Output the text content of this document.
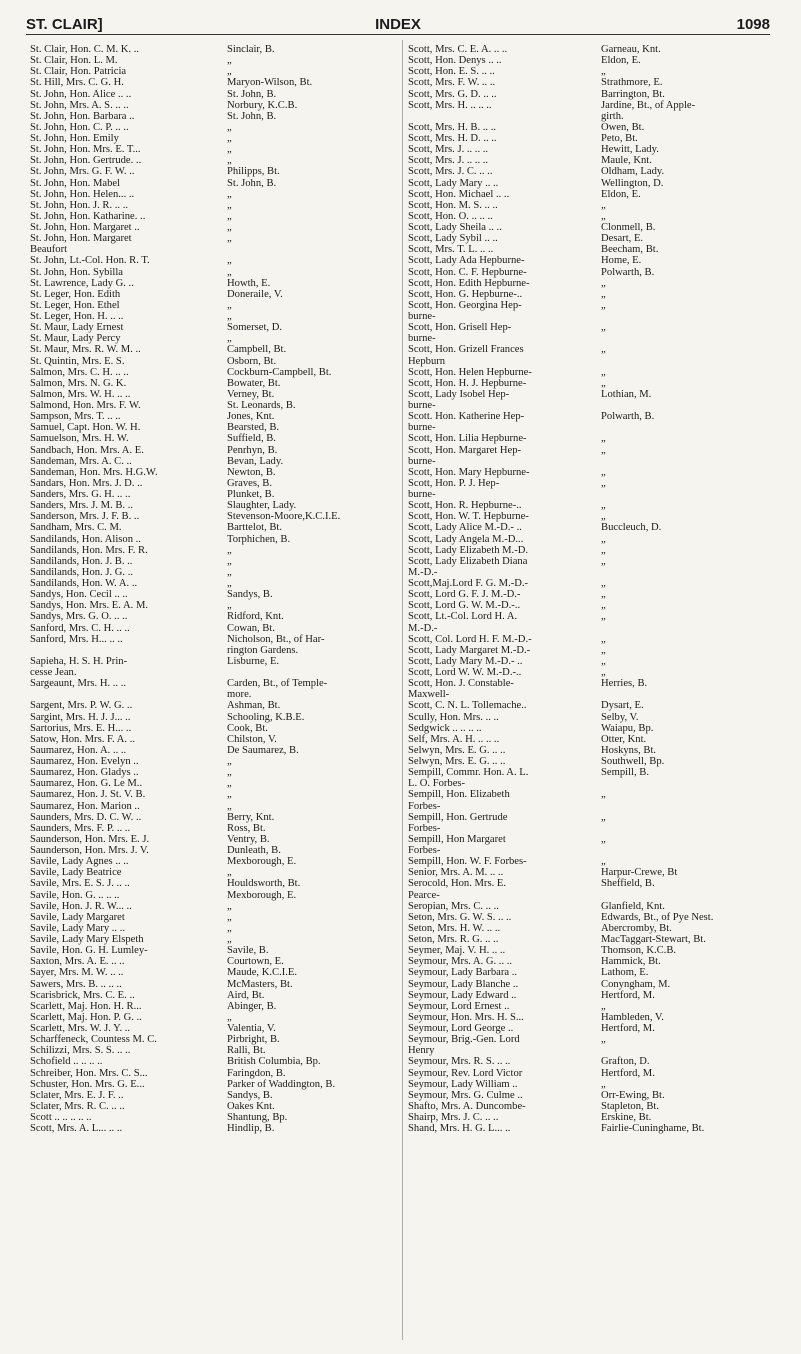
ST. CLAIR]	INDEX	1098
St. Clair, Hon. C. M. K. ..	Sinclair, B.
St. Clair, Hon. L. M.	„
St. Clair, Hon. Patricia	„
St. Hill, Mrs. C. G. H.	Maryon-Wilson, Bt.
St. John, Hon. Alice .. ..	St. John, B.
St. John, Mrs. A. S. .. ..	Norbury, K.C.B.
St. John, Hon. Barbara ..	St. John, B.
St. John, Hon. C. P. .. ..	„
St. John, Hon. Emily	„
St. John, Hon. Mrs. E. T...	„
St. John, Hon. Gertrude. ..	„
St. John, Mrs. G. F. W. ..	Philipps, Bt.
St. John, Hon. Mabel	St. John, B.
St. John, Hon. Helen... ..	„
St. John, Hon. J. R. .. ..	„
St. John, Hon. Katharine. ..	„
St. John, Hon. Margaret ..	„
St. John, Hon. Margaret	„
Beaufort
St. John, Lt.-Col. Hon. R. T.	„
St. John, Hon. Sybilla	„
St. Lawrence, Lady G. ..	Howth, E.
St. Leger, Hon. Edith	Doneraile, V.
St. Leger, Hon. Ethel	„
St. Leger, Hon. H. .. ..	„
St. Maur, Lady Ernest	Somerset, D.
St. Maur, Lady Percy	„
St. Maur, Mrs. R. W. M. ..	Campbell, Bt.
St. Quintin, Mrs. E. S.	Osborn, Bt.
Salmon, Mrs. C. H. .. ..	Cockburn-Campbell, Bt.
Salmon, Mrs. N. G. K.	Bowater, Bt.
Salmon, Mrs. W. H. .. ..	Verney, Bt.
Salmond, Hon. Mrs. F. W.	St. Leonards, B.
Sampson, Mrs. T. .. ..	Jones, Knt.
Samuel, Capt. Hon. W. H.	Bearsted, B.
Samuelson, Mrs. H. W.	Suffield, B.
Sandbach, Hon. Mrs. A. E.	Penrhyn, B.
Sandeman, Mrs. A. C. ..	Bevan, Lady.
Sandeman, Hon. Mrs. H.G.W.	Newton, B.
Sandars, Hon. Mrs. J. D. ..	Graves, B.
Sanders, Mrs. G. H. .. ..	Plunket, B.
Sanders, Mrs. J. M. B. ..	Slaughter, Lady.
Sanderson, Mrs. J. F. B. ..	Stevenson-Moore,K.C.I.E.
Sandham, Mrs. C. M.	Barttelot, Bt.
Sandilands, Hon. Alison ..	Torphichen, B.
Sandilands, Hon. Mrs. F. R.	„
Sandilands, Hon. J. B. ..	„
Sandilands, Hon. J. G. ..	„
Sandilands, Hon. W. A. ..	„
Sandys, Hon. Cecil .. ..	Sandys, B.
Sandys, Hon. Mrs. E. A. M.	„
Sandys, Mrs. G. O. .. ..	Ridford, Knt.
Sanford, Mrs. C. H. .. ..	Cowan, Bt.
Sanford, Mrs. H... .. ..	Nicholson, Bt., of Har-
rington Gardens.
Sapieha, H. S. H. Prin-	Lisburne, E.
cesse Jean.
Sargeaunt, Mrs. H. .. ..	Carden, Bt., of Temple-
more.
Sargent, Mrs. P. W. G. ..	Ashman, Bt.
Sargint, Mrs. H. J. J... ..	Schooling, K.B.E.
Sartorius, Mrs. E. H... ..	Cook, Bt.
Satow, Hon. Mrs. F. A. ..	Chilston, V.
Saumarez, Hon. A. .. ..	De Saumarez, B.
Saumarez, Hon. Evelyn ..	„
Saumarez, Hon. Gladys ..	„
Saumarez, Hon. G. Le M..	„
Saumarez, Hon. J. St. V. B.	„
Saumarez, Hon. Marion ..	„
Saunders, Mrs. D. C. W. ..	Berry, Knt.
Saunders, Mrs. F. P. .. ..	Ross, Bt.
Saunderson, Hon. Mrs. E. J.	Ventry, B.
Saunderson, Hon. Mrs. J. V.	Dunleath, B.
Savile, Lady Agnes .. ..	Mexborough, E.
Savile, Lady Beatrice	„
Savile, Mrs. E. S. J. .. ..	Houldsworth, Bt.
Savile, Hon. G. .. .. ..	Mexborough, E.
Savile, Hon. J. R. W... ..	„
Savile, Lady Margaret	„
Savile, Lady Mary .. ..	„
Savile, Lady Mary Elspeth	„
Savile, Hon. G. H. Lumley-	Savile, B.
Saxton, Mrs. A. E. .. ..	Courtown, E.
Sayer, Mrs. M. W. .. ..	Maude, K.C.I.E.
Sawers, Mrs. B. .. .. ..	McMasters, Bt.
Scarisbrick, Mrs. C. E. ..	Aird, Bt.
Scarlett, Maj. Hon. H. R...	Abinger, B.
Scarlett, Maj. Hon. P. G. ..	„
Scarlett, Mrs. W. J. Y. ..	Valentia, V.
Scharffeneck, Countess M. C.	Pirbright, B.
Schilizzi, Mrs. S. S. .. ..	Ralli, Bt.
Schofield .. .. .. ..	British Columbia, Bp.
Schreiber, Hon. Mrs. C. S...	Faringdon, B.
Schuster, Hon. Mrs. G. E...	Parker of Waddington, B.
Sclater, Mrs. E. J. F. ..	Sandys, B.
Sclater, Mrs. R. C. .. ..	Oakes Knt.
Scott .. .. .. .. ..	Shantung, Bp.
Scott, Mrs. A. L... .. ..	Hindlip, B.
Scott, Mrs. C. E. A. .. ..	Garneau, Knt.
Scott, Hon. Denys .. ..	Eldon, E.
Scott, Hon. E. S. .. ..	„
Scott, Mrs. F. W. .. ..	Strathmore, E.
Scott, Mrs. G. D. .. ..	Barrington, Bt.
Scott, Mrs. H. .. .. ..	Jardine, Bt., of Apple-
girth.
Scott, Mrs. H. B. .. ..	Owen, Bt.
Scott, Mrs. H. D. .. ..	Peto, Bt.
Scott, Mrs. J. .. .. ..	Hewitt, Lady.
Scott, Mrs. J. .. .. ..	Maule, Knt.
Scott, Mrs. J. C. .. ..	Oldham, Lady.
Scott, Lady Mary .. ..	Wellington, D.
Scott, Hon. Michael .. ..	Eldon, E.
Scott, Hon. M. S. .. ..	„
Scott, Hon. O. .. .. ..	„
Scott, Lady Sheila .. ..	Clonmell, B.
Scott, Lady Sybil .. ..	Desart, E.
Scott, Mrs. T. L. .. ..	Beecham, Bt.
Scott, Lady Ada Hepburne-	Home, E.
Scott, Hon. C. F. Hepburne-	Polwarth, B.
Scott, Hon. Edith Hepburne-	„
Scott, Hon. G. Hepburne-..	„
Scott, Hon. Georgina Hep-	„
burne-
Scott, Hon. Grisell Hep-	„
burne-
Scott, Hon. Grizell Frances	„
Hepburn
Scott, Hon. Helen Hepburne-	„
Scott, Hon. H. J. Hepburne-	„
Scott, Lady Isobel Hep-	Lothian, M.
burne-
Scott. Hon. Katherine Hep-	Polwarth, B.
burne-
Scott, Hon. Lilia Hepburne-	„
Scott, Hon. Margaret Hep-	„
burne-
Scott, Hon. Mary Hepburne-	„
Scott, Hon. P. J. Hep-	„
burne-
Scott, Hon. R. Hepburne-..	„
Scott, Hon. W. T. Hepburne-	„
Scott, Lady Alice M.-D.- ..	Buccleuch, D.
Scott, Lady Angela M.-D...	„
Scott, Lady Elizabeth M.-D.	„
Scott, Lady Elizabeth Diana	„
M.-D.-
Scott,Maj.Lord F. G. M.-D.-	„
Scott, Lord G. F. J. M.-D.-	„
Scott, Lord G. W. M.-D.-..	„
Scott, Lt.-Col. Lord H. A.	„
M.-D.-
Scott, Col. Lord H. F. M.-D.-	„
Scott, Lady Margaret M.-D.-	„
Scott, Lady Mary M.-D.- ..	„
Scott, Lord W. W. M.-D.-..	„
Scott, Hon. J. Constable-	Herries, B.
Maxwell-
Scott, C. N. L. Tollemache..	Dysart, E.
Scully, Hon. Mrs. .. ..	Selby, V.
Sedgwick .. .. .. ..	Waiapu, Bp.
Self, Mrs. A. H. .. .. ..	Otter, Knt.
Selwyn, Mrs. E. G. .. ..	Hoskyns, Bt.
Selwyn, Mrs. E. G. .. ..	Southwell, Bp.
Sempill, Commr. Hon. A. L.	Sempill, B.
L. O. Forbes-
Sempill, Hon. Elizabeth	„
Forbes-
Sempill, Hon. Gertrude	„
Forbes-
Sempill, Hon Margaret	„
Forbes-
Sempill, Hon. W. F. Forbes-	„
Senior, Mrs. A. M. .. ..	Harpur-Crewe, Bt
Serocold, Hon. Mrs. E.	Sheffield, B.
Pearce-
Seropian, Mrs. C. .. ..	Glanfield, Knt.
Seton, Mrs. G. W. S. .. ..	Edwards, Bt., of Pye Nest.
Seton, Mrs. H. W. .. ..	Abercromby, Bt.
Seton, Mrs. R. G. .. ..	MacTaggart-Stewart, Bt.
Seymer, Maj. V. H. .. ..	Thomson, K.C.B.
Seymour, Mrs. A. G. .. ..	Hammick, Bt.
Seymour, Lady Barbara ..	Lathom, E.
Seymour, Lady Blanche ..	Conyngham, M.
Seymour, Lady Edward ..	Hertford, M.
Seymour, Lord Ernest ..	„
Seymour, Hon. Mrs. H. S...	Hambleden, V.
Seymour, Lord George ..	Hertford, M.
Seymour, Brig.-Gen. Lord	„
Henry
Seymour, Mrs. R. S. .. ..	Grafton, D.
Seymour, Rev. Lord Victor	Hertford, M.
Seymour, Lady William ..	„
Seymour, Mrs. G. Culme ..	Orr-Ewing, Bt.
Shafto, Mrs. A. Duncombe-	Stapleton, Bt.
Shairp, Mrs. J. C. .. ..	Erskine, Bt.
Shand, Mrs. H. G. L... ..	Fairlie-Cuninghame, Bt.
